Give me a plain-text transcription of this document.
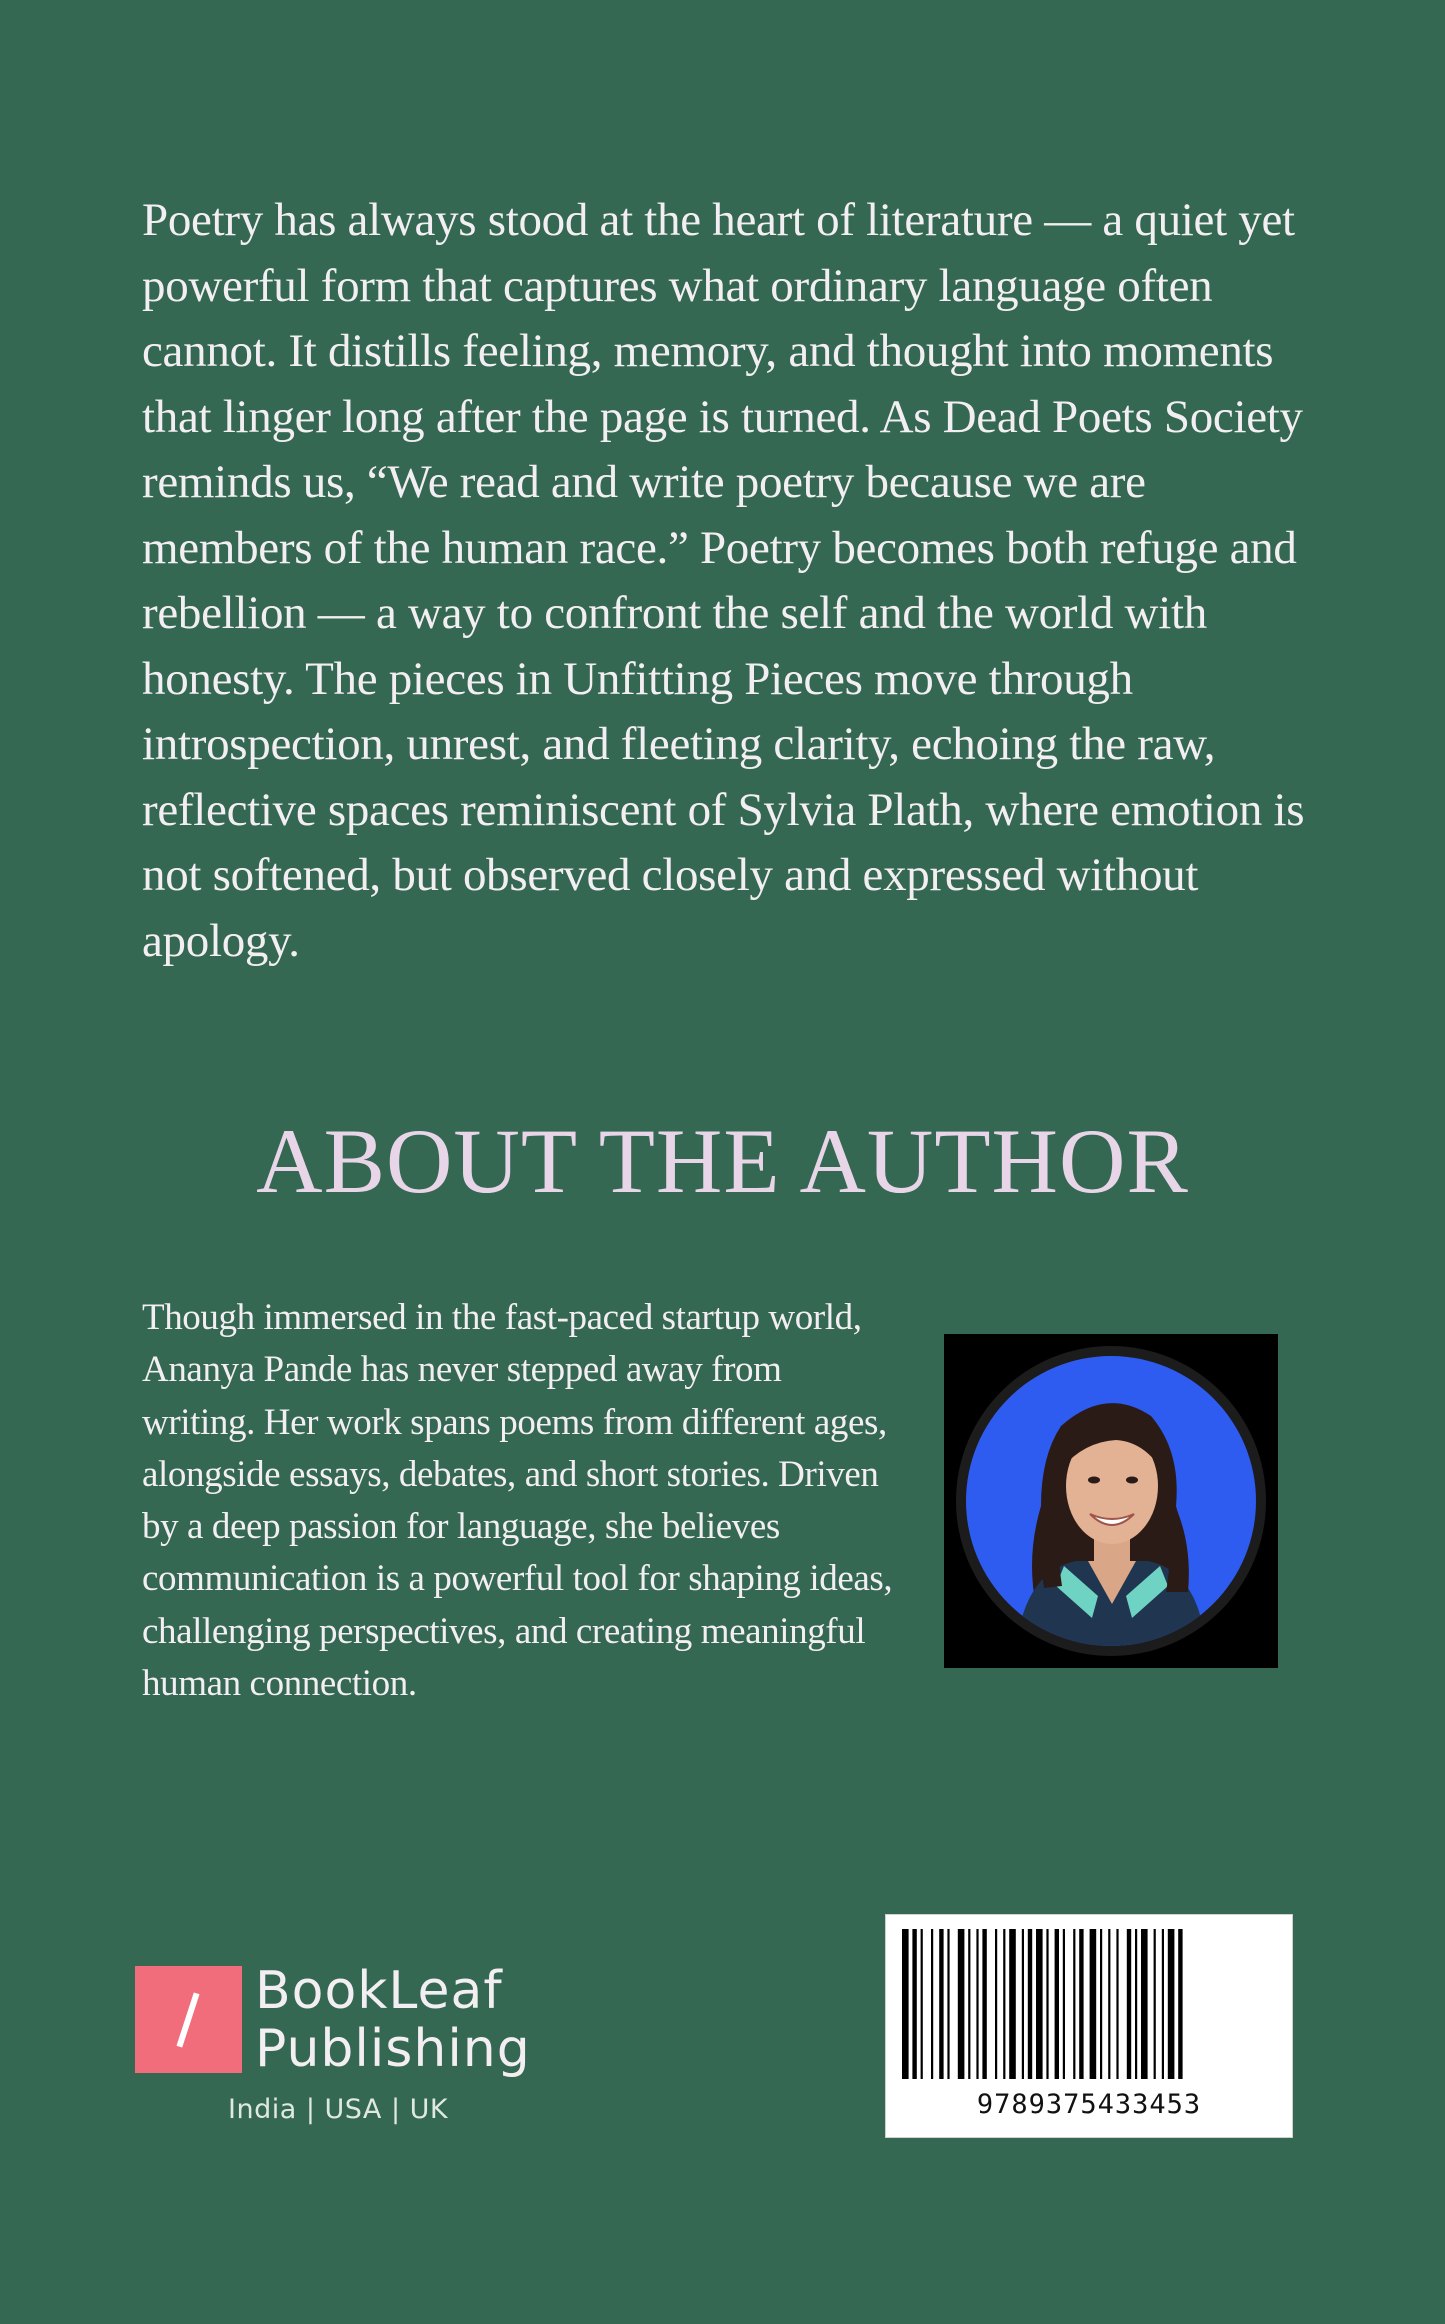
Poetry has always stood at the heart of literature — a quiet yet powerful form that captures what ordinary language often cannot. It distills feeling, memory, and thought into moments that linger long after the page is turned. As Dead Poets Society reminds us, “We read and write poetry because we are members of the human race.” Poetry becomes both refuge and rebellion — a way to confront the self and the world with honesty. The pieces in Unfitting Pieces move through introspection, unrest, and fleeting clarity, echoing the raw, reflective spaces reminiscent of Sylvia Plath, where emotion is not softened, but observed closely and expressed without apology.

ABOUT THE AUTHOR

Though immersed in the fast-paced startup world, Ananya Pande has never stepped away from writing. Her work spans poems from different ages, alongside essays, debates, and short stories. Driven by a deep passion for language, she believes communication is a powerful tool for shaping ideas, challenging perspectives, and creating meaningful human connection.

BookLeaf
Publishing
India | USA | UK	9789375433453
